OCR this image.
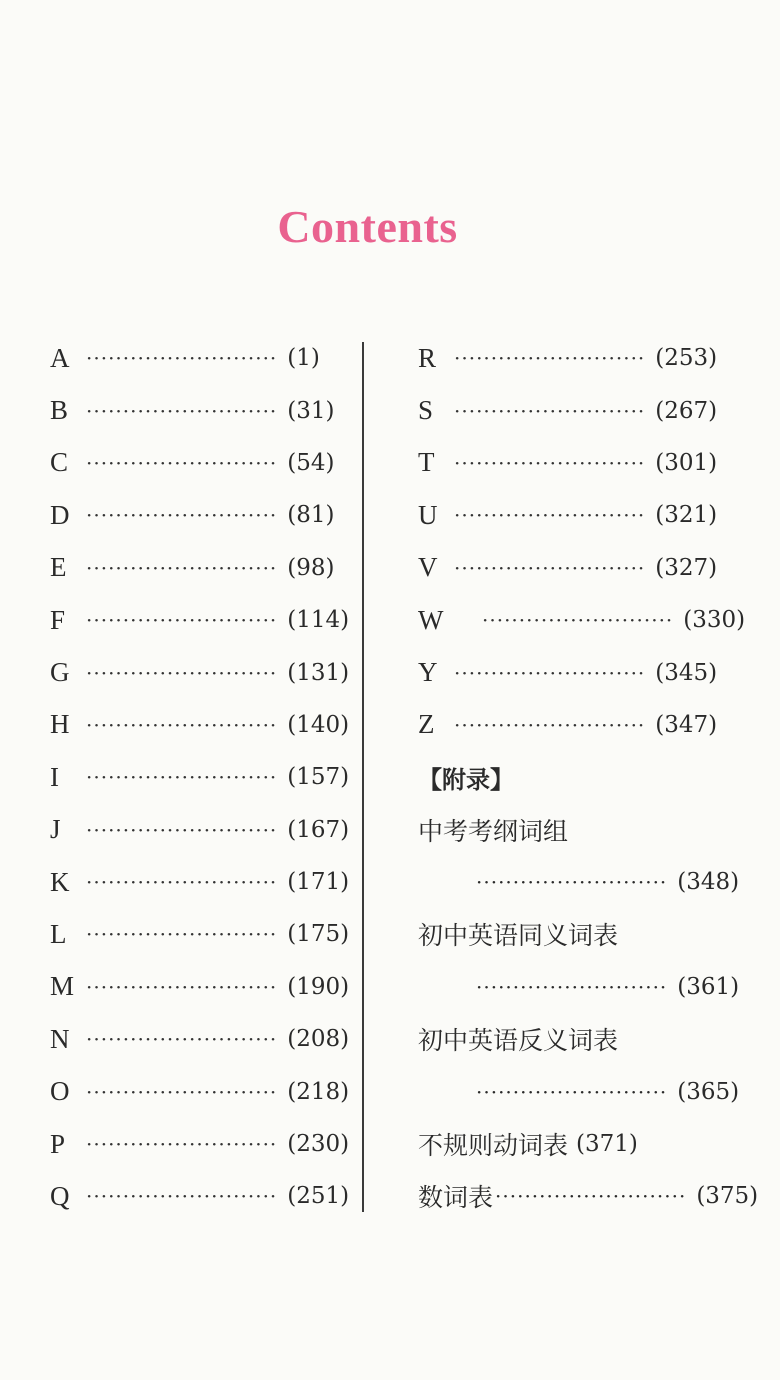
Contents
A ·························· (1)
B ·························· (31)
C ·························· (54)
D ·························· (81)
E ·························· (98)
F	·························· (114)
G ·························· (131)
H ·························· (140)
I	·························· (157)
J	·························· (167)
K ·························· (171)
L ·························· (175)
M ·························· (190)
N ·························· (208)
O ·························· (218)
P	·························· (230)
Q ·························· (251)
R ·························· (253)
S	·························· (267)
T ·························· (301)
U ·························· (321)
V ·························· (327)
W	·························· (330)
Y ·························· (345)
Z ·························· (347)
【附录】
中考考纲词组
·························· (348)
初中英语同义词表
·························· (361)
初中英语反义词表
·························· (365)
不规则动词表 (371)
数词表 ·························· (375)
